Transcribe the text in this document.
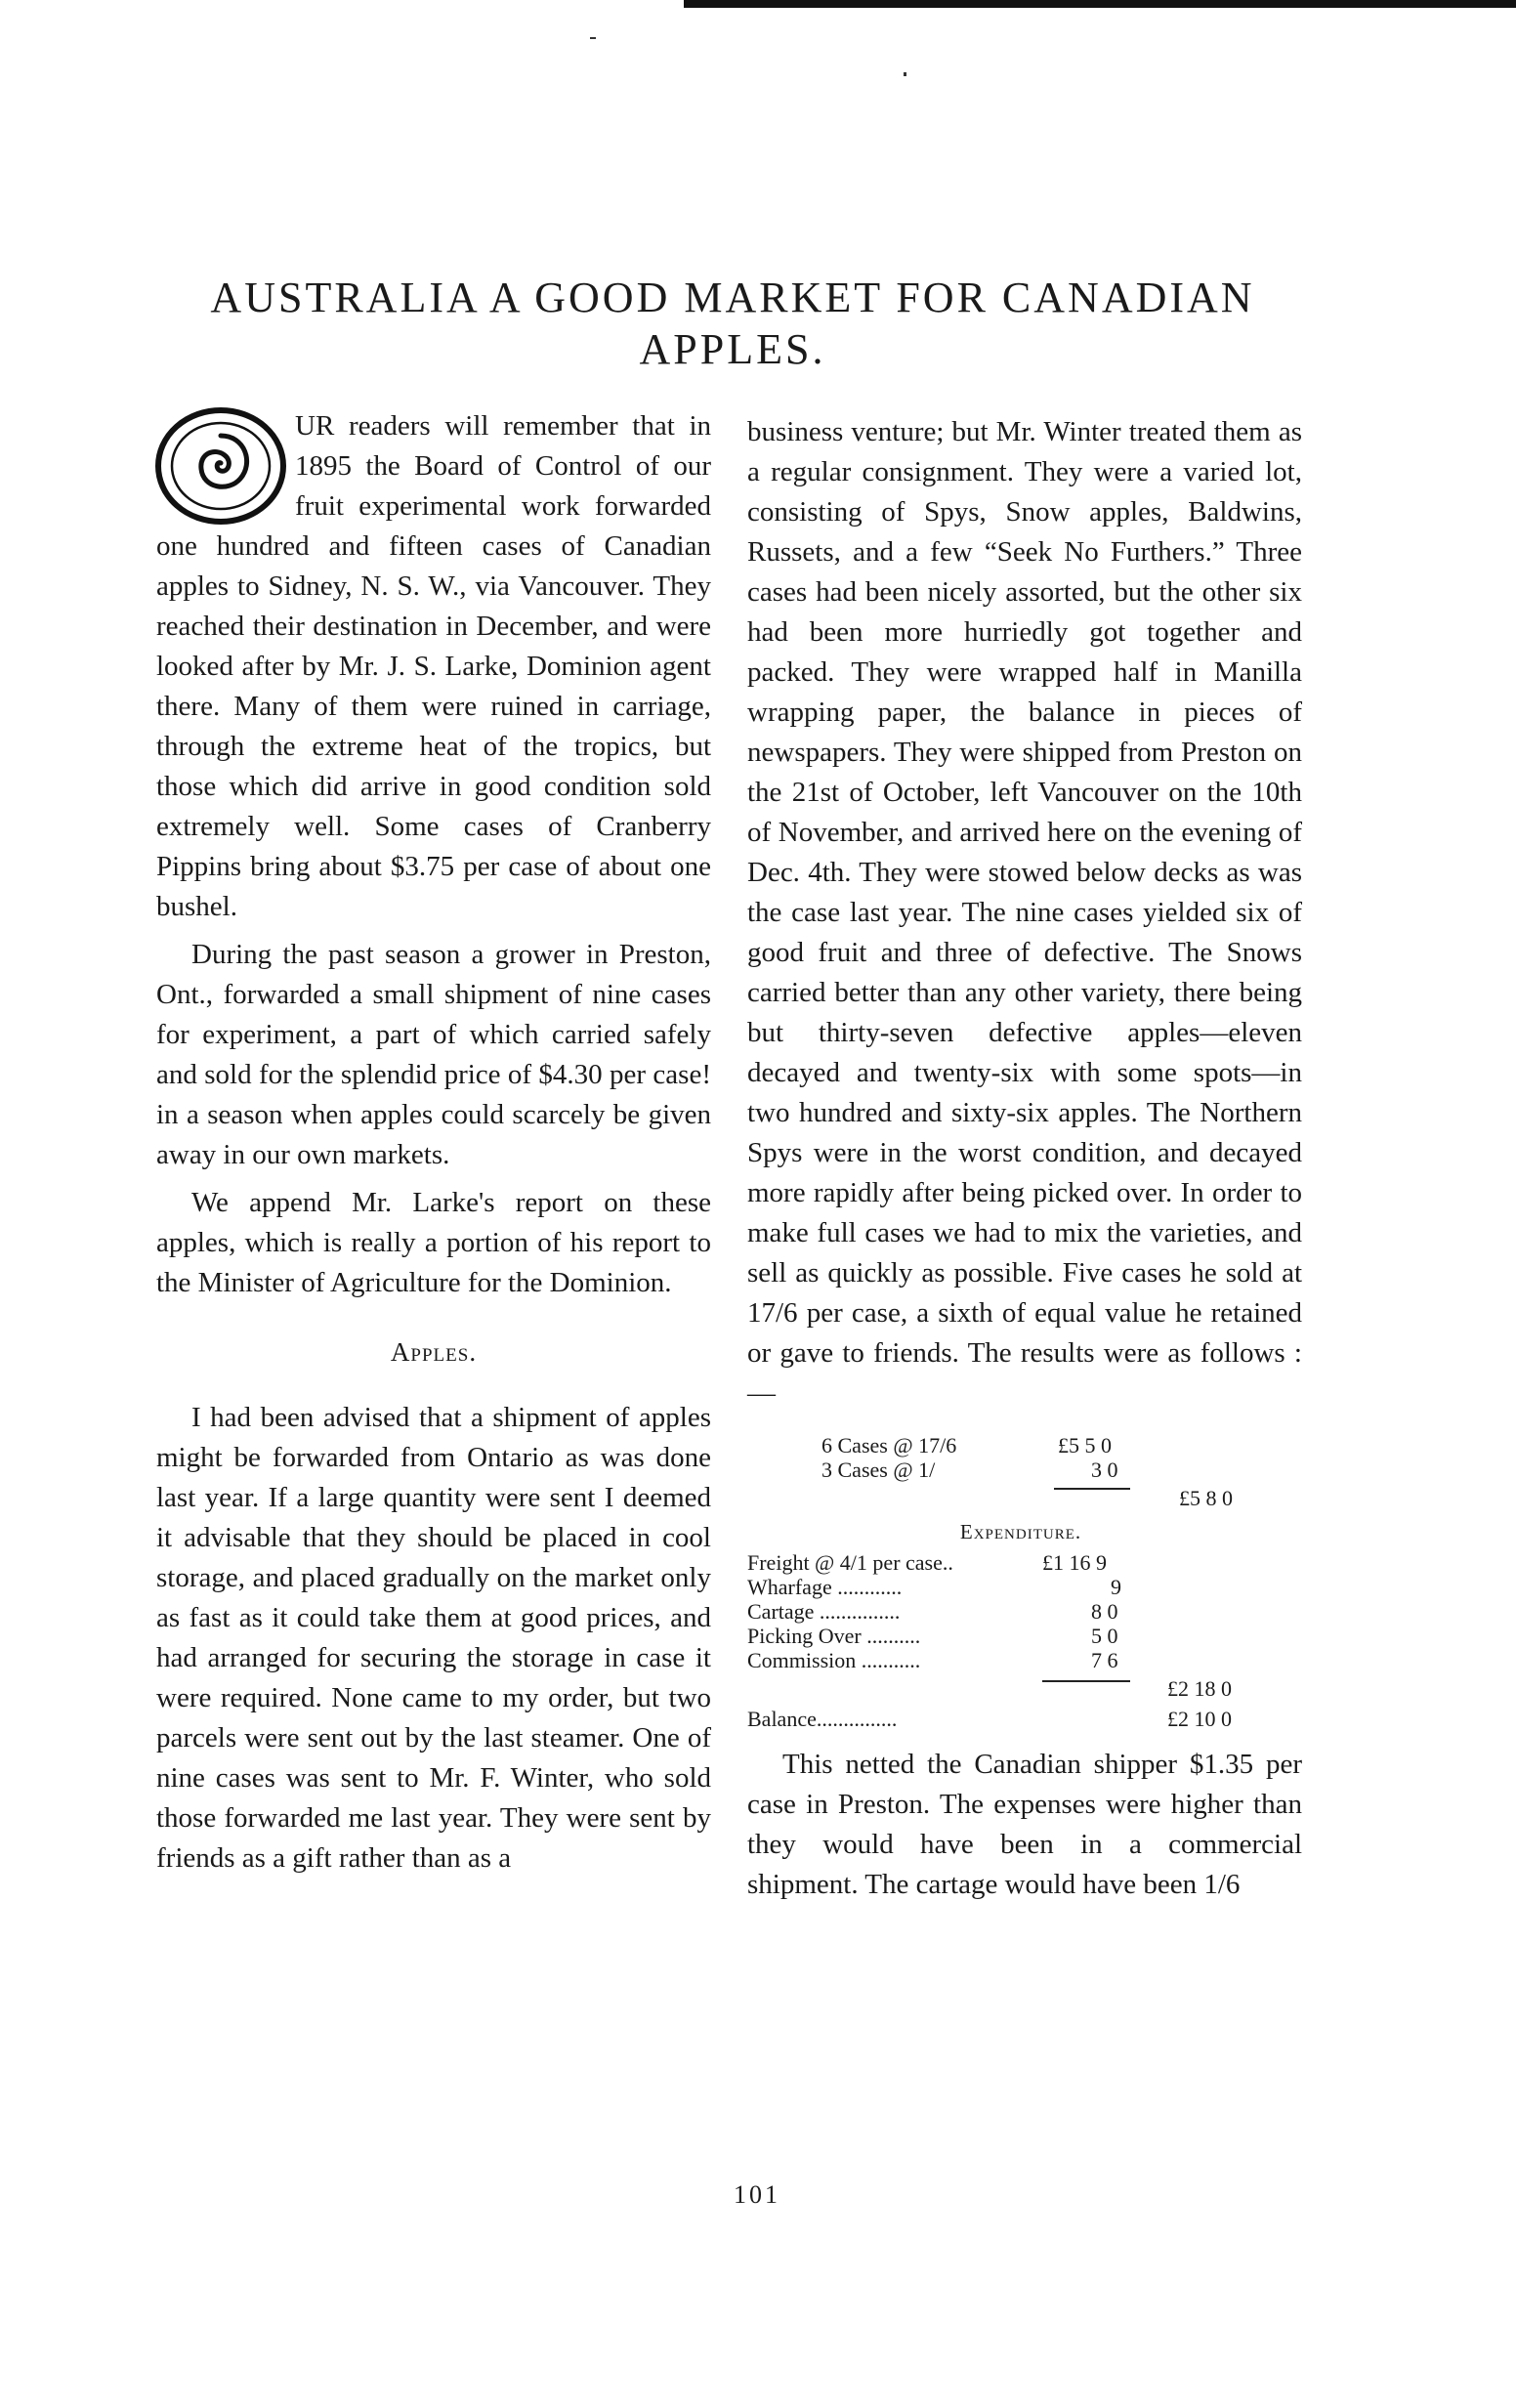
AUSTRALIA A GOOD MARKET FOR CANADIAN
APPLES.

UR readers will remember that in 1895 the Board of Control of our fruit experimental work forwarded one hundred and fifteen cases of Canadian apples to Sidney, N. S. W., via Vancouver. They reached their destination in December, and were looked after by Mr. J. S. Larke, Dominion agent there. Many of them were ruined in carriage, through the extreme heat of the tropics, but those which did arrive in good condition sold extremely well. Some cases of Cranberry Pippins bring about $3.75 per case of about one bushel.

During the past season a grower in Preston, Ont., forwarded a small shipment of nine cases for experiment, a part of which carried safely and sold for the splendid price of $4.30 per case! in a season when apples could scarcely be given away in our own markets.

We append Mr. Larke's report on these apples, which is really a portion of his report to the Minister of Agriculture for the Dominion.

Apples.

I had been advised that a shipment of apples might be forwarded from Ontario as was done last year. If a large quantity were sent I deemed it advisable that they should be placed in cool storage, and placed gradually on the market only as fast as it could take them at good prices, and had arranged for securing the storage in case it were required. None came to my order, but two parcels were sent out by the last steamer. One of nine cases was sent to Mr. F. Winter, who sold those forwarded me last year. They were sent by friends as a gift rather than as a

business venture; but Mr. Winter treated them as a regular consignment. They were a varied lot, consisting of Spys, Snow apples, Baldwins, Russets, and a few “Seek No Furthers.” Three cases had been nicely assorted, but the other six had been more hurriedly got together and packed. They were wrapped half in Manilla wrapping paper, the balance in pieces of newspapers. They were shipped from Preston on the 21st of October, left Vancouver on the 10th of November, and arrived here on the evening of Dec. 4th. They were stowed below decks as was the case last year. The nine cases yielded six of good fruit and three of defective. The Snows carried better than any other variety, there being but thirty-seven defective apples—eleven decayed and twenty-six with some spots—in two hundred and sixty-six apples. The Northern Spys were in the worst condition, and decayed more rapidly after being picked over. In order to make full cases we had to mix the varieties, and sell as quickly as possible. Five cases he sold at 17/6 per case, a sixth of equal value he retained or gave to friends. The results were as follows :—

6 Cases @ 17/6	£5 5 0
3 Cases @ 1/	3 0
£5 8 0
Expenditure.
Freight @ 4/1 per case..	£1 16 9
Wharfage ............	9
Cartage ...............	8 0
Picking Over ..........	5 0
Commission ...........	7 6
£2 18 0
Balance...............	£2 10 0

This netted the Canadian shipper $1.35 per case in Preston. The expenses were higher than they would have been in a commercial shipment. The cartage would have been 1/6

101
